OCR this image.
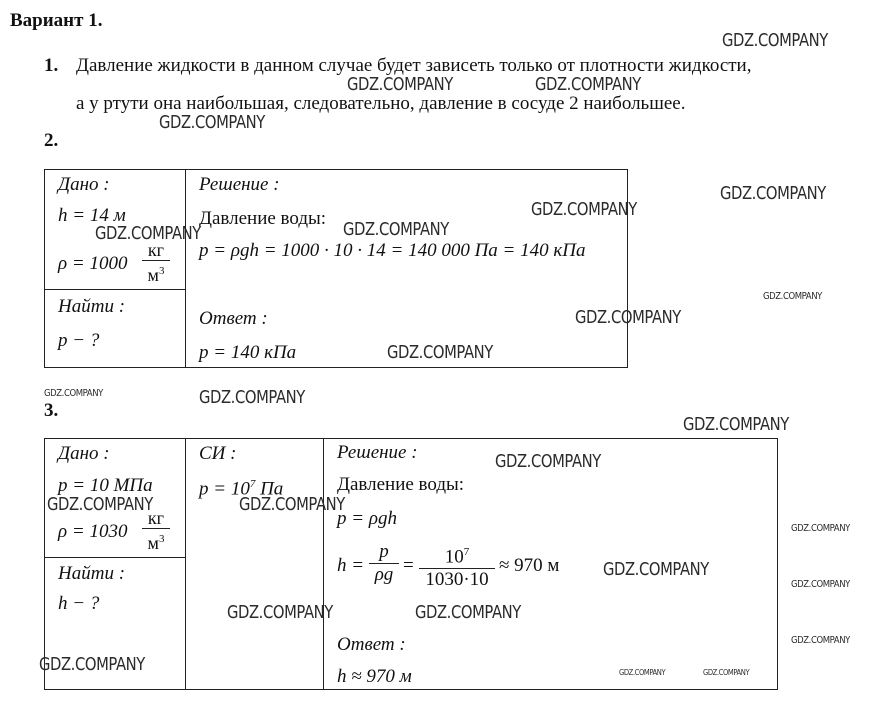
Вариант 1.
1. Давление жидкости в данном случае будет зависеть только от плотности жидкости,
а у ртути она наибольшая, следовательно, давление в сосуде 2 наибольшее.
2.
Дано :
h = 14 м
ρ = 1000
кг
$м^3$
Найти :
p − ?
Решение :
Давление воды:
p = ρgh = 1000 · 10 · 14 = 140 000 Па = 140 кПа
Ответ :
p = 140 кПа
3.
Дано :
p = 10 МПа
ρ = 1030
кг
$м^3$
Найти :
h − ?
СИ :
$p = 10^7$ Па
Решение :
Давление воды:
p = ρgh
h =
p
ρg =	$10^7$
1030·10
≈ 970 м
Ответ :
h ≈ 970 м
GDZ.COMPANY
GDZ.COMPANY	GDZ.COMPANY
GDZ.COMPANY
GDZ.COMPANY
GDZ.COMPANY
GDZ.COMPANY
GDZ.COMPANY
GDZ.COMPANY
GDZ.COMPANY
GDZ.COMPANY
GDZ.COMPANY	GDZ.COMPANY
GDZ.COMPANY
GDZ.COMPANY
GDZ.COMPANY	GDZ.COMPANY
GDZ.COMPANY
GDZ.COMPANY
GDZ.COMPANY
GDZ.COMPANY	GDZ.COMPANY
GDZ.COMPANY
GDZ.COMPANY	GDZ.COMPANY	GDZ.COMPANY
